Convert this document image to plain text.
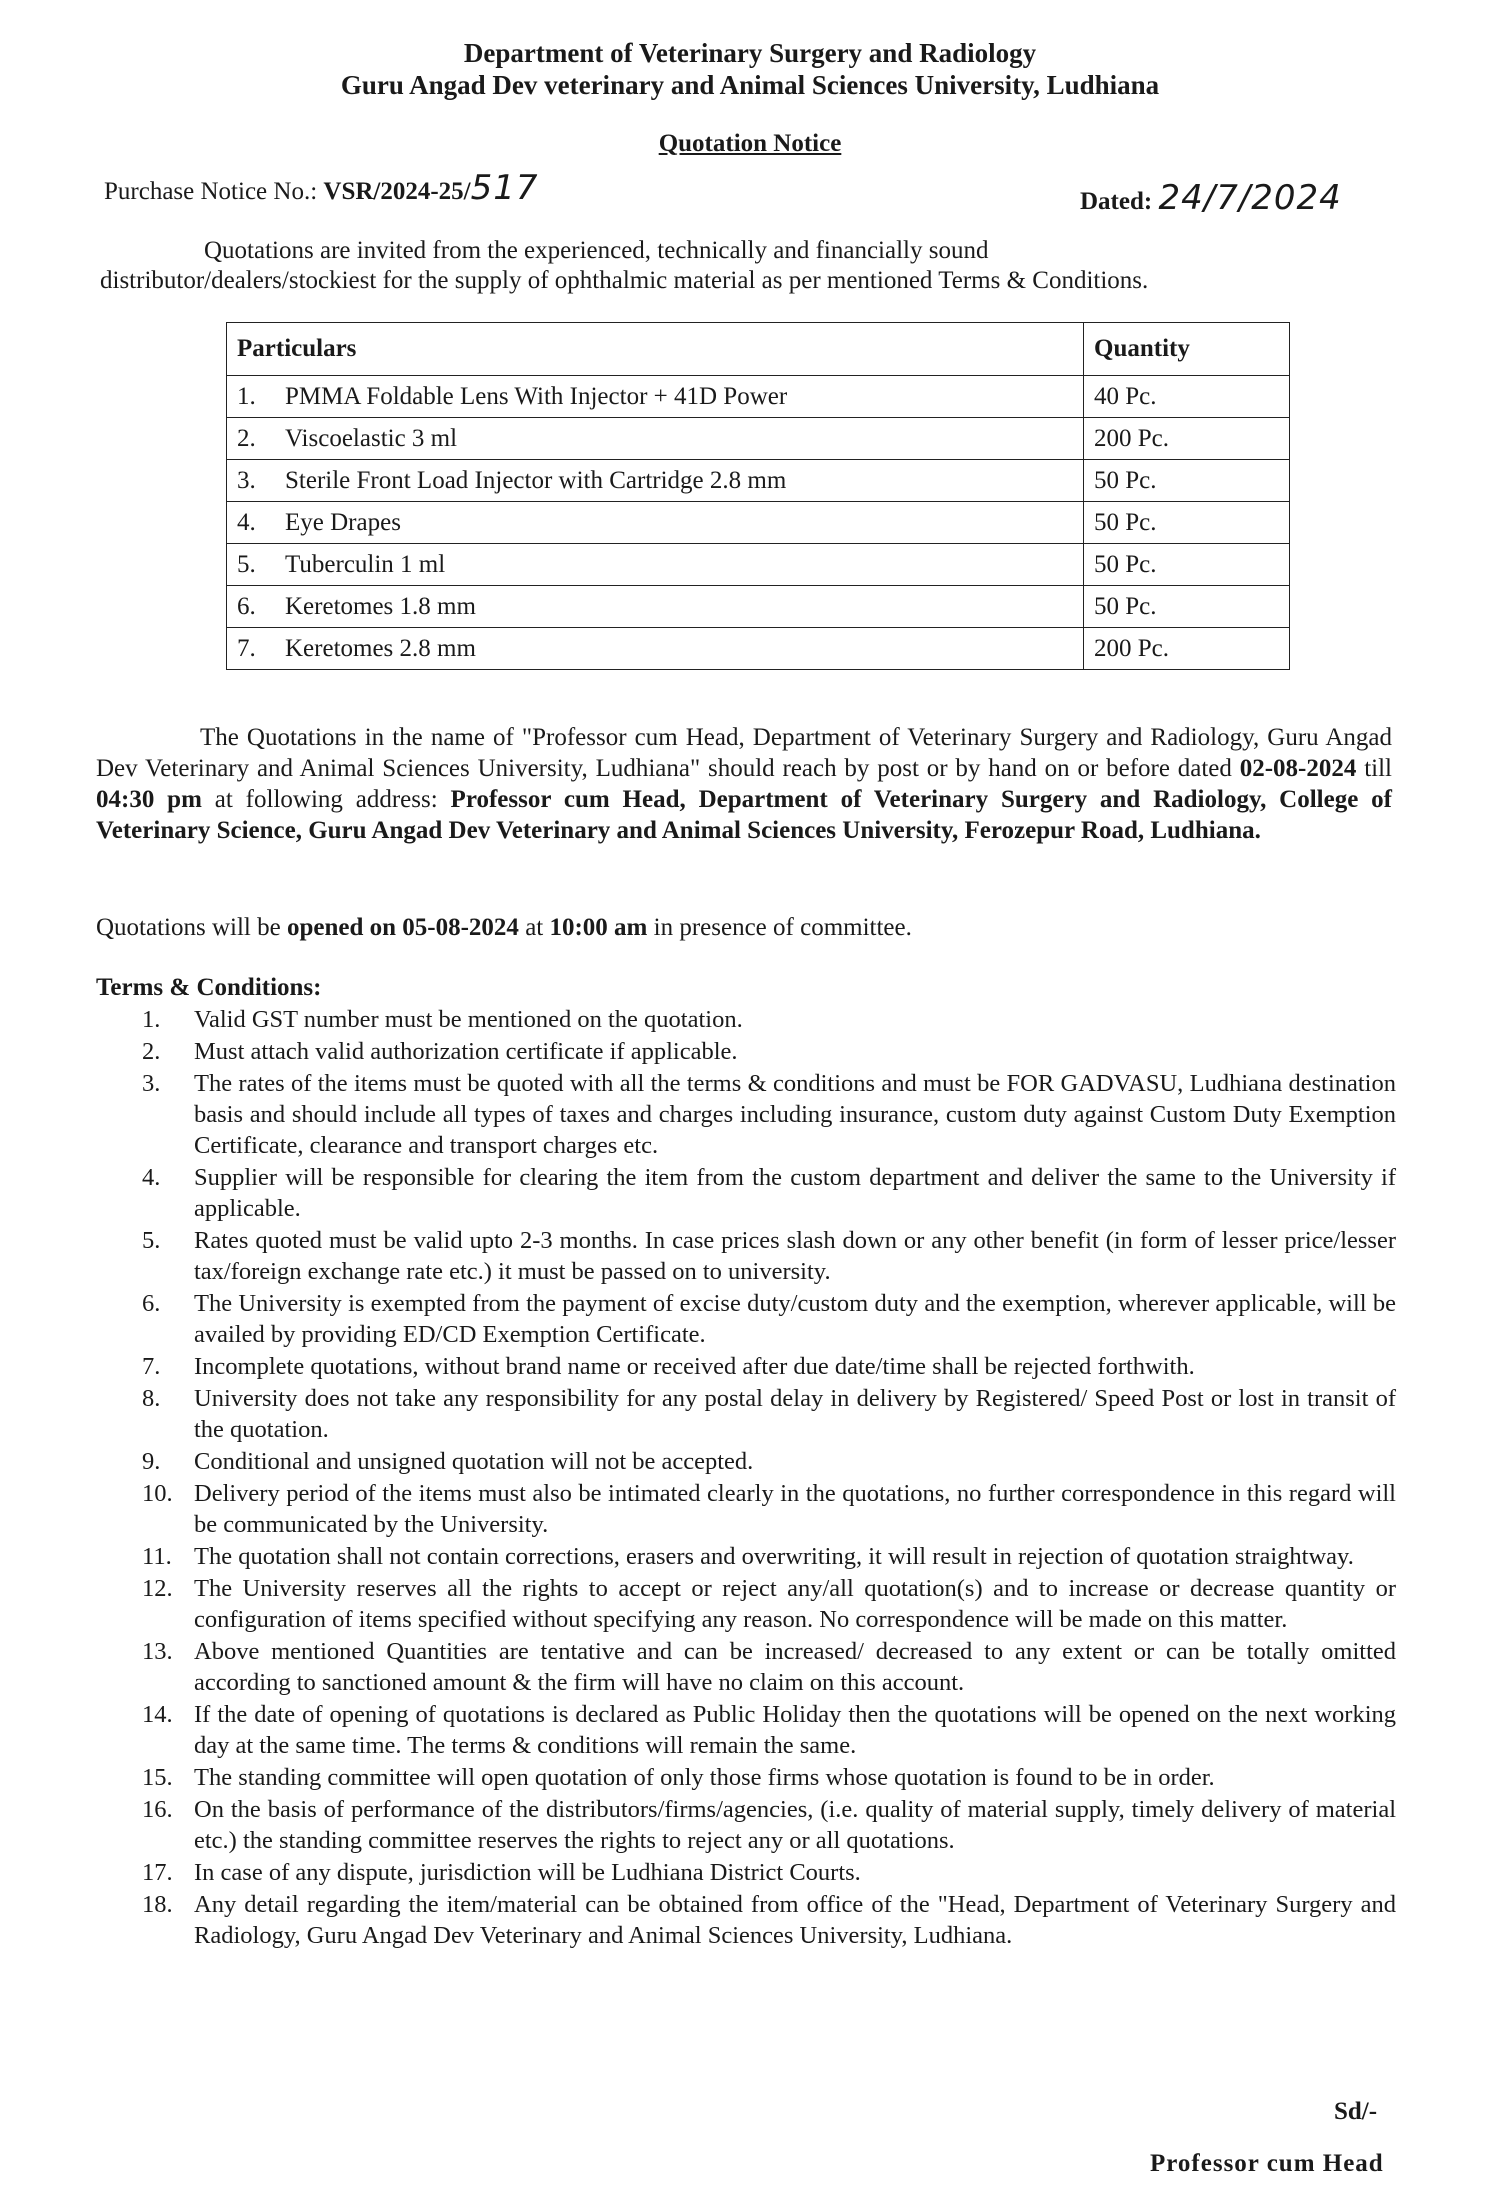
Department of Veterinary Surgery and Radiology
Guru Angad Dev veterinary and Animal Sciences University, Ludhiana
Quotation Notice
Purchase Notice No.: VSR/2024-25/517	Dated: 24/7/2024
Quotations are invited from the experienced, technically and financially sound
distributor/dealers/stockiest for the supply of ophthalmic material as per mentioned Terms & Conditions.
Particulars	Quantity
1. PMMA Foldable Lens With Injector + 41D Power	40 Pc.
2. Viscoelastic 3 ml	200 Pc.
3. Sterile Front Load Injector with Cartridge 2.8 mm	50 Pc.
4. Eye Drapes	50 Pc.
5. Tuberculin 1 ml	50 Pc.
6. Keretomes 1.8 mm	50 Pc.
7. Keretomes 2.8 mm	200 Pc.
The Quotations in the name of "Professor cum Head, Department of Veterinary Surgery and Radiology, Guru Angad Dev Veterinary and Animal Sciences University, Ludhiana" should reach by post or by hand on or before dated 02-08-2024 till 04:30 pm at following address: Professor cum Head, Department of Veterinary Surgery and Radiology, College of Veterinary Science, Guru Angad Dev Veterinary and Animal Sciences University, Ferozepur Road, Ludhiana.
Quotations will be opened on 05-08-2024 at 10:00 am in presence of committee.
Terms & Conditions:
1. Valid GST number must be mentioned on the quotation.
2. Must attach valid authorization certificate if applicable.
3. The rates of the items must be quoted with all the terms & conditions and must be FOR GADVASU, Ludhiana destination basis and should include all types of taxes and charges including insurance, custom duty against Custom Duty Exemption Certificate, clearance and transport charges etc.
4. Supplier will be responsible for clearing the item from the custom department and deliver the same to the University if applicable.
5. Rates quoted must be valid upto 2-3 months. In case prices slash down or any other benefit (in form of lesser price/lesser tax/foreign exchange rate etc.) it must be passed on to university.
6. The University is exempted from the payment of excise duty/custom duty and the exemption, wherever applicable, will be availed by providing ED/CD Exemption Certificate.
7. Incomplete quotations, without brand name or received after due date/time shall be rejected forthwith.
8. University does not take any responsibility for any postal delay in delivery by Registered/ Speed Post or lost in transit of the quotation.
9. Conditional and unsigned quotation will not be accepted.
10. Delivery period of the items must also be intimated clearly in the quotations, no further correspondence in this regard will be communicated by the University.
11. The quotation shall not contain corrections, erasers and overwriting, it will result in rejection of quotation straightway.
12. The University reserves all the rights to accept or reject any/all quotation(s) and to increase or decrease quantity or configuration of items specified without specifying any reason. No correspondence will be made on this matter.
13. Above mentioned Quantities are tentative and can be increased/ decreased to any extent or can be totally omitted according to sanctioned amount & the firm will have no claim on this account.
14. If the date of opening of quotations is declared as Public Holiday then the quotations will be opened on the next working day at the same time. The terms & conditions will remain the same.
15. The standing committee will open quotation of only those firms whose quotation is found to be in order.
16. On the basis of performance of the distributors/firms/agencies, (i.e. quality of material supply, timely delivery of material etc.) the standing committee reserves the rights to reject any or all quotations.
17. In case of any dispute, jurisdiction will be Ludhiana District Courts.
18. Any detail regarding the item/material can be obtained from office of the "Head, Department of Veterinary Surgery and Radiology, Guru Angad Dev Veterinary and Animal Sciences University, Ludhiana.
Sd/-
Professor cum Head
